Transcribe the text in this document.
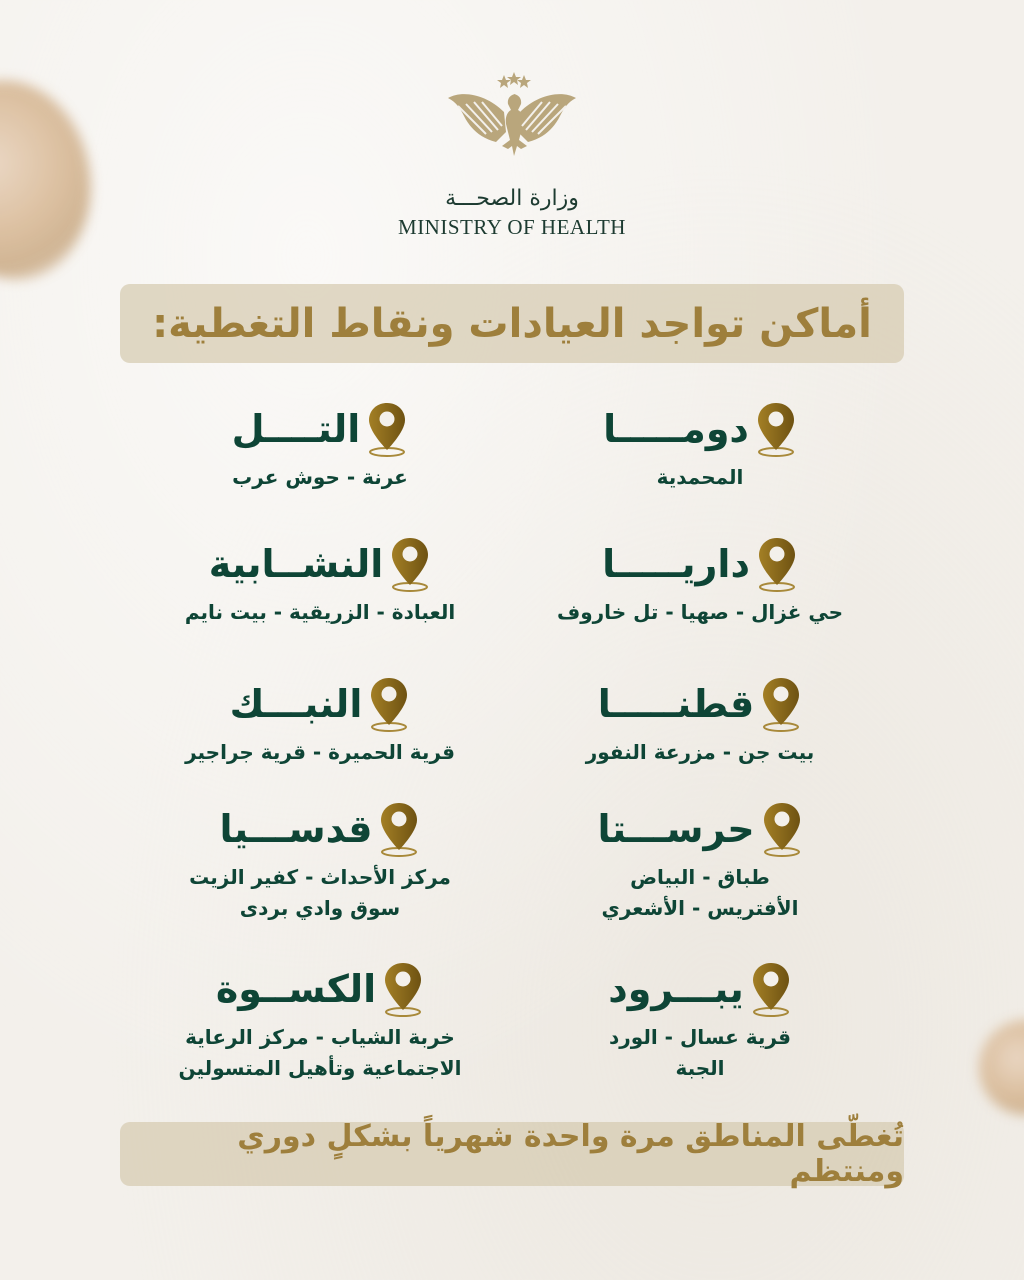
وزارة الصحـــة
MINISTRY OF HEALTH
أماكن تواجد العيادات ونقاط التغطية:
دومـــــا
المحمدية
التــــل
عرنة - حوش عرب
داريـــــا
حي غزال - صهيا - تل خاروف
النشــابية
العبادة - الزريقية - بيت نايم
قطنـــــا
بيت جن - مزرعة النفور
النبـــك
قرية الحميرة - قرية جراجير
حرســـتا
طباق - البياض
الأفتريس - الأشعري
قدســـيا
مركز الأحداث - كفير الزيت
سوق وادي بردى
يبـــرود
قرية عسال - الورد
الجبة
الكســوة
خربة الشياب - مركز الرعاية
الاجتماعية وتأهيل المتسولين
تُغطّى المناطق مرة واحدة شهرياً بشكلٍ دوري ومنتظم
